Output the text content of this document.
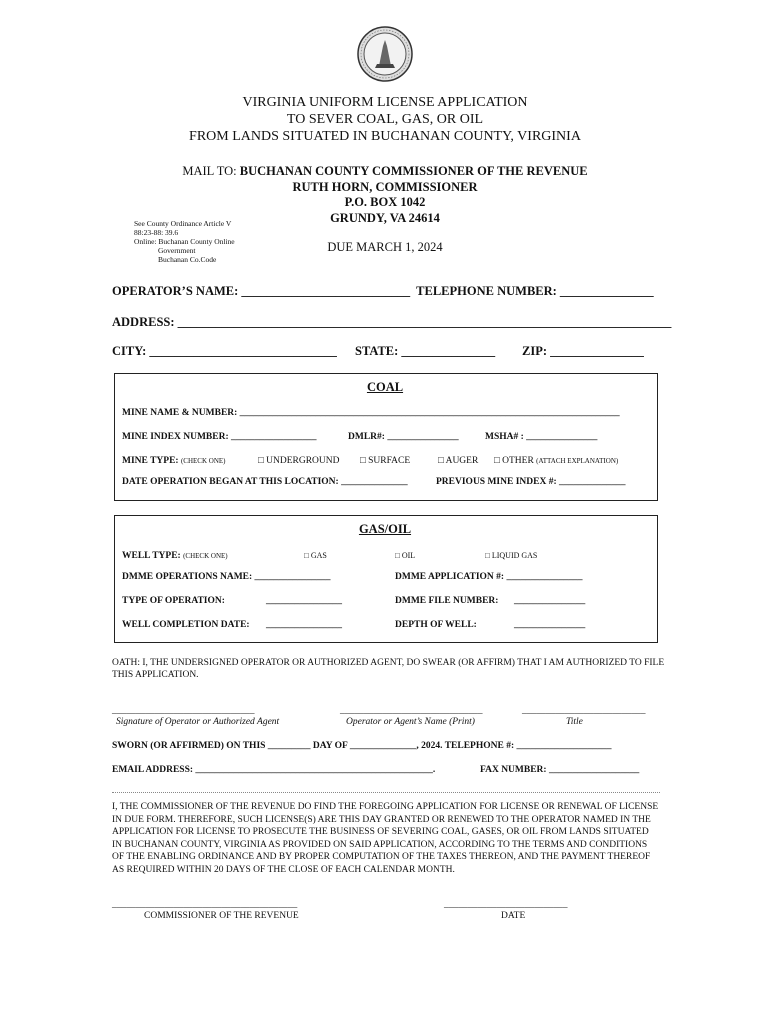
VIRGINIA UNIFORM LICENSE APPLICATION
TO SEVER COAL, GAS, OR OIL
FROM LANDS SITUATED IN BUCHANAN COUNTY, VIRGINIA
MAIL TO: BUCHANAN COUNTY COMMISSIONER OF THE REVENUE
RUTH HORN, COMMISSIONER
P.O. BOX 1042
GRUNDY, VA 24614
See County Ordinance Article V
88:23-88: 39.6
Online: Buchanan County Online
Government
Buchanan Co.Code
DUE MARCH 1, 2024
OPERATOR’S NAME: ___________________________  TELEPHONE NUMBER: _______________
ADDRESS: _______________________________________________________________________________
CITY: ______________________________ STATE: _______________ ZIP: _______________
COAL
MINE NAME & NUMBER: ________________________________________________________________________________
MINE INDEX NUMBER: __________________	DMLR#: _______________	MSHA# : _______________
MINE TYPE: (CHECK ONE)	□ UNDERGROUND □ SURFACE	□ AUGER □ OTHER (ATTACH EXPLANATION)
DATE OPERATION BEGAN AT THIS LOCATION: ______________	PREVIOUS MINE INDEX #: ______________
GAS/OIL
WELL TYPE: (CHECK ONE)	□ GAS	□ OIL	□ LIQUID GAS
DMME OPERATIONS NAME: ________________	DMME APPLICATION #: ________________
TYPE OF OPERATION:	________________	DMME FILE NUMBER: _______________
WELL COMPLETION DATE: ________________	DEPTH OF WELL:	_______________
OATH: I, THE UNDERSIGNED OPERATOR OR AUTHORIZED AGENT, DO SWEAR (OR AFFIRM) THAT I AM AUTHORIZED TO FILE THIS APPLICATION.
______________________________
Signature of Operator or Authorized Agent
______________________________
Operator or Agent’s Name (Print)
__________________________
Title
SWORN (OR AFFIRMED) ON THIS _________ DAY OF ______________, 2024. TELEPHONE #: ____________________
EMAIL ADDRESS: __________________________________________________.	FAX NUMBER: ___________________
I, THE COMMISSIONER OF THE REVENUE DO FIND THE FOREGOING APPLICATION FOR LICENSE OR RENEWAL OF LICENSE IN DUE FORM. THEREFORE, SUCH LICENSE(S) ARE THIS DAY GRANTED OR RENEWED TO THE OPERATOR NAMED IN THE APPLICATION FOR LICENSE TO PROSECUTE THE BUSINESS OF SEVERING COAL, GASES, OR OIL FROM LANDS SITUATED IN BUCHANAN COUNTY, VIRGINIA AS PROVIDED ON SAID APPLICATION, ACCORDING TO THE TERMS AND CONDITIONS OF THE ENABLING ORDINANCE AND BY PROPER COMPUTATION OF THE TAXES THEREON, AND THE PAYMENT THEREOF AS REQUIRED WITHIN 20 DAYS OF THE CLOSE OF EACH CALENDAR MONTH.
_______________________________________
COMMISSIONER OF THE REVENUE
__________________________
DATE
